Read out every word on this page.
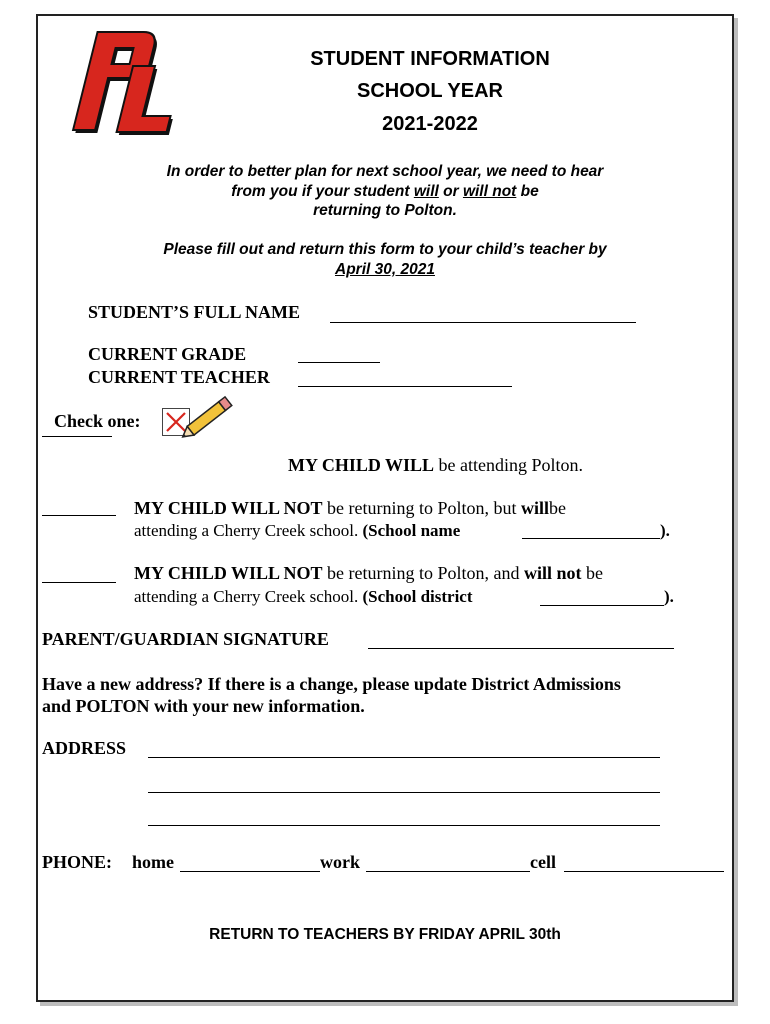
STUDENT INFORMATION
SCHOOL YEAR
2021-2022
In order to better plan for next school year, we need to hear
from you if your student will or will not be
returning to Polton.
Please fill out and return this form to your child’s teacher by
April 30, 2021
STUDENT’S FULL NAME
CURRENT GRADE
CURRENT TEACHER
Check one:
MY CHILD WILL be attending Polton.
MY CHILD WILL NOT be returning to Polton, but willbe
attending a Cherry Creek school. (School name	).
MY CHILD WILL NOT be returning to Polton, and will not be
attending a Cherry Creek school. (School district	).
PARENT/GUARDIAN SIGNATURE
Have a new address? If there is a change, please update District Admissions
and POLTON with your new information.
ADDRESS
PHONE: home	work	cell
RETURN TO TEACHERS BY FRIDAY APRIL 30th
